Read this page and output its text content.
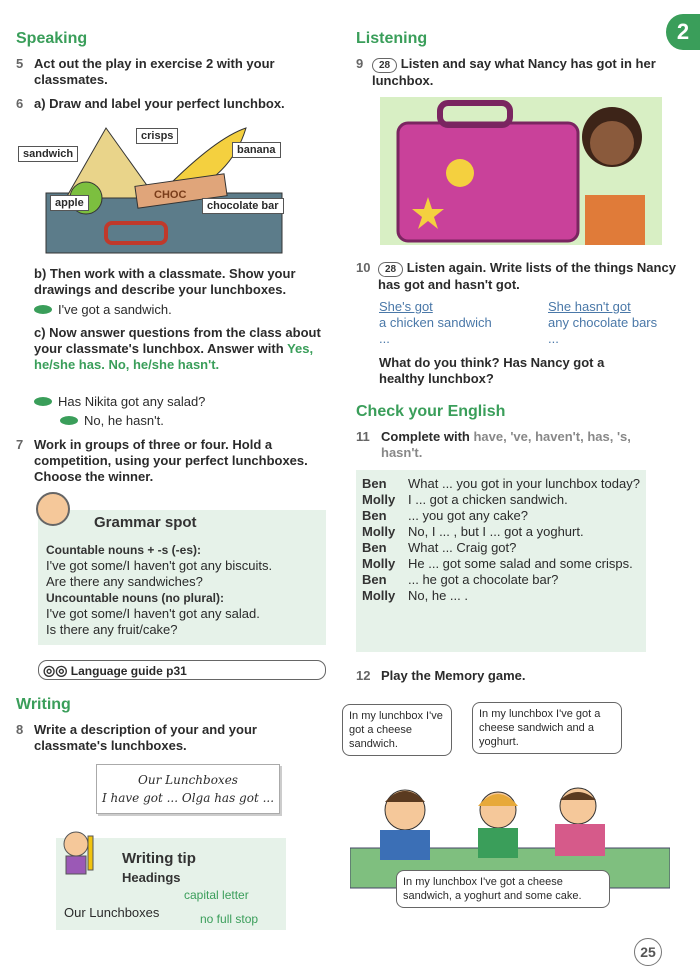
2
Speaking
5 Act out the play in exercise 2 with your classmates.
6 a) Draw and label your perfect lunchbox.
CHOC
crisps
banana
sandwich
apple	chocolate bar
b) Then work with a classmate. Show your drawings and describe your lunchboxes.
I've got a sandwich.
c) Now answer questions from the class about your classmate's lunchbox. Answer with Yes, he/she has. No, he/she hasn't.
Has Nikita got any salad?
No, he hasn't.
7 Work in groups of three or four. Hold a competition, using your perfect lunchboxes. Choose the winner.
Grammar spot
Countable nouns + -s (-es):
I've got some/I haven't got any biscuits.
Are there any sandwiches?
Uncountable nouns (no plural):
I've got some/I haven't got any salad.
Is there any fruit/cake?
◎◎ Language guide p31
Writing
8 Write a description of your and your classmate's lunchboxes.
Our Lunchboxes
I have got ... Olga has got ...
Writing tip
Headings
capital letter
Our Lunchboxes	no full stop
Listening
9	28 Listen and say what Nancy has got in her lunchbox.
10	28 Listen again. Write lists of the things Nancy has got and hasn't got.
She's got
a chicken sandwich
...
She hasn't got
any chocolate bars
...
What do you think? Has Nancy got a healthy lunchbox?
Check your English
11 Complete with have, 've, haven't, has, 's, hasn't.
Ben	What ... you got in your lunchbox today?
Molly	I ... got a chicken sandwich.
Ben	... you got any cake?
Molly	No, I ... , but I ... got a yoghurt.
Ben	What ... Craig got?
Molly	He ... got some salad and some crisps.
Ben	... he got a chocolate bar?
Molly	No, he ... .
12 Play the Memory game.
In my lunchbox I've got a cheese sandwich.
In my lunchbox I've got a cheese sandwich and a yoghurt.
In my lunchbox I've got a cheese sandwich, a yoghurt and some cake.
25
